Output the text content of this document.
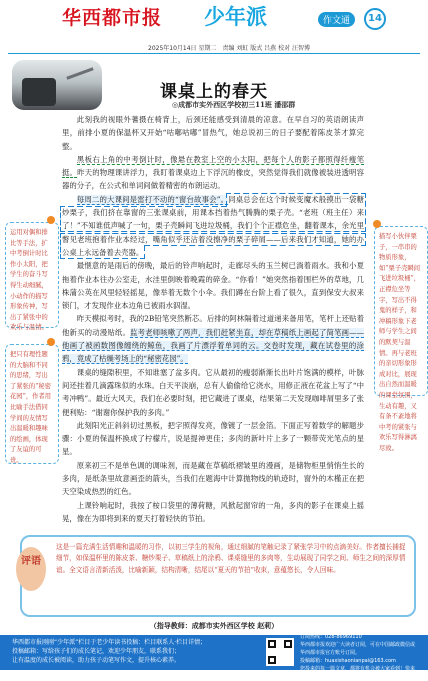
华西都市报 少年派	作文通	14
2025年10月14日 星期二　责编 刘虹 版式 吕燕 校对 汪智博
课桌上的春天
◎成都市实外西区学校初三11班 潘邵群

此刻我的视眼外蓍摄在椅背上，后颈还能感受到清晨的凉意。在早自习的英语朗读声里，前排小夏的保温杯又开始“咕嘟咕嘟”冒热气，她总说初三的日子要配着陈皮茶才算完整。

黑板右上角的中考倒计时，像悬在教室上空的小太阳，把每个人的影子都照得纤瘦笔挺。昨天的物理课讲浮力，我盯着课桌边上下浮沉的橡皮，突然觉得我们就像被装进透明容器的分子，在公式和单词间做着精密的布朗运动。

每周二的大课间是雷打不动的“窗台故事会”。同桌总会在这个时候变魔术般摸出一袋糖炒栗子，我们挤在靠窗的三张课桌前，用课本挡着热气腾腾的栗子壳。“老班（班主任）来了！”不知谁低声喊了一句，栗子壳瞬间飞进垃圾桶，我们个个正襟危坐，翻着课本，余光里瞥见老班抱着作业本经过，嘴角似乎还沾着没擦净的栗子碎屑——后来我们才知道，她的办公桌上永远备着去壳器。

最惬意的是雨后的傍晚，最后的铃声响起时，走廊尽头的玉兰树已淌着雨水。我和小夏拖着作业本往办公室走，水洼里倒映着晚霞的碎金。“你看！”她突然指着围栏外的草地，几株蒲公英在风里轻轻摇晃，像举着无数个小伞。我们蹲在台阶上看了很久，直到保安大叔来锁门，才发现作业本边角已被雨水泅湿。

昨天模拟考时，我的2B铅笔突然断芯。后排的阿林隔着过道递来备用笔，笔杆上还贴着他新买的动漫贴纸。监考老师咳嗽了两声，我们赶紧坐直，却在草稿纸上画起了简笔画——他画了被函数图像缠绕的鲸鱼，我画了片漂浮着单词的云。交卷时发现，藏在试卷里的涂鸦，竟成了枯燥考场上的“秘密花园”。

课桌的缝隙积里，不知谁塞了盆多肉。它从最初的瘦弱渐渐长出叶片饱满的模样，叶脉间还挂着几滴露珠似的水珠。白天平淡崩，总有人偷偷给它浇水，用修正液在花盆上写了“中考冲鸭”。最近大风天，我们在必要时刻，把它藏进了课桌，结果第二天发现咖啡屑里多了张便利贴：“谢谢你保护我的多肉。”

此刻阳光正斜斜切过黑板，把字照得发亮，像镀了一层金箔。下面正写着数学的解题步骤：小夏的保温杯换成了柠檬片，说是提神更佳；多肉的新叶片上多了一颗带荧光笔点的星星。

原来初三不是单色调的调味剂，而是藏在草稿纸褶皱里的漫画，是储物柜里悄悄生长的多肉，是纸条里故意画歪的箭头，当我们在题海中计算抛物线的轨迹时，窗外的木槿正在把天空染成热烈的红色。

上课铃响起时，我按了桉口袋里的薄荷糖，风掀起窗帘的一角，多肉的影子在课桌上摇晃，像在为即将到来的夏天打着轻快的节拍。

运用对偶和排比等手法，扩中考倒计时比作小太阳，把学生的奋斗写得生动细腻，小动作的描写形象传神，写出了紧张中的欢乐与温情。
把只有理性题的大脑和不同的思绪，写出了紧张的“秘密花园”，作者用比喻手法借同学间的友情写出温暖和趣味的绘画，体现了友谊的可贵。
描写小伙伴栗子，一串串的物质形象，如“栗子壳瞬间飞进垃圾桶”，正襟危坐等字，写出不得鬼的样子，和冲稿形象下老师与学生之间的默契与温情。再与老班的亲切形象形成对比，展现出自然而温暖的课堂氛围，生动有趣，又有条不紊地将中考的紧张与欢乐写得淋漓尽致。
评语
这是一篇充满生活情趣和温暖的习作，以初三学生的视角，通过细腻的笔触记录了紧张学习中的点滴美好。作者擅长捕捉细节，如保温杯里的陈皮茶、糖炒栗子、草稿纸上的涂鸦、课桌缝里的多肉等，生动展现了同学之间、师生之间的深厚情谊。全文语言清新活泼，比喻新颖，结构清晰，结尾以“夏天的节拍”收束，意蕴悠长，令人回味。
（指导教师：成都市实外西区学校 赵莉）
华西都市报刚刚“少年派”栏目于老少年读书投稿：栏目联系人·栏目详情；
投稿邮箱：写给孩子们的成长笔记，欢迎少年朋友，联系我们；
让有温度的成长被阅读，助力孩子动笔写作文，提升核心素养。
订阅热线：028-86969110
华西都市报欢迎广大读者订阅，可在中国邮政微信或华西都市报官方账号订阅。
投稿邮箱：huaxishaonianpai@163.com
您投来的每一篇文章，都将有机会被大家看到！快来投稿吧！
